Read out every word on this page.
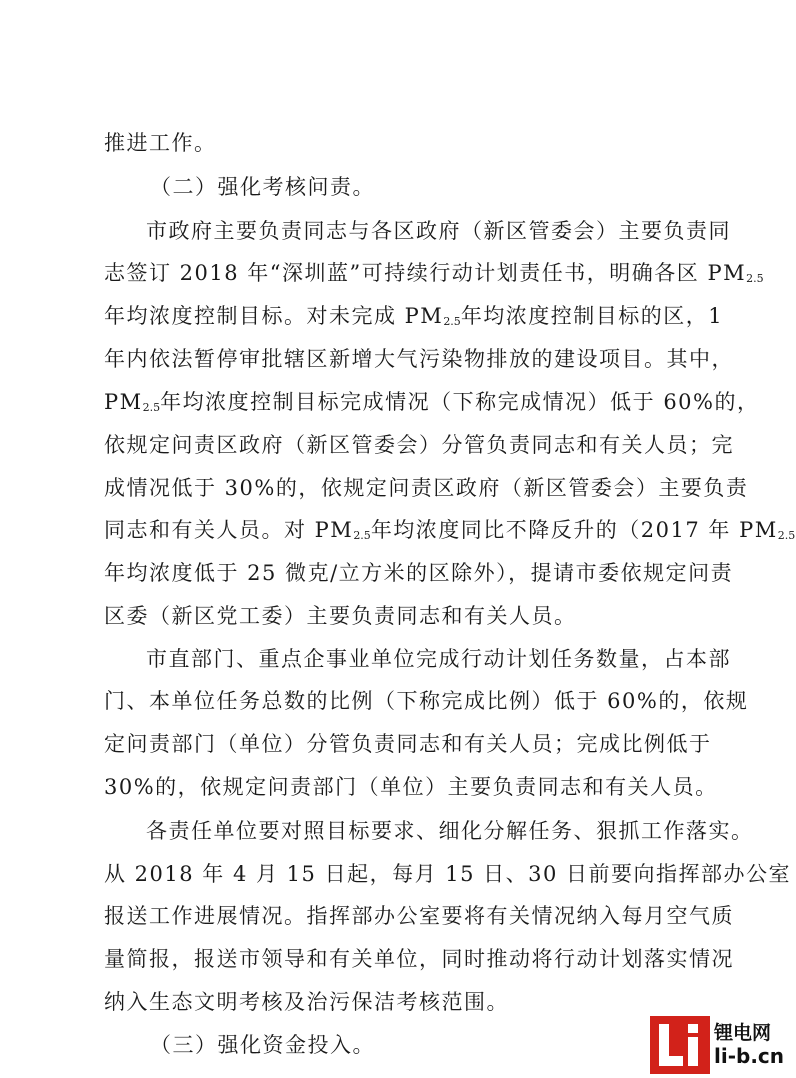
推进工作。
（二）强化考核问责。
市政府主要负责同志与各区政府（新区管委会）主要负责同
志签订 2018 年“深圳蓝”可持续行动计划责任书，明确各区 $PM_{2.5}$
年均浓度控制目标。对未完成 $PM_{2.5}$年均浓度控制目标的区，1
年内依法暂停审批辖区新增大气污染物排放的建设项目。其中，
$PM_{2.5}$年均浓度控制目标完成情况（下称完成情况）低于 60%的，
依规定问责区政府（新区管委会）分管负责同志和有关人员；完
成情况低于 30%的，依规定问责区政府（新区管委会）主要负责
同志和有关人员。对 $PM_{2.5}$年均浓度同比不降反升的（2017 年 $PM_{2.5}$
年均浓度低于 25 微克/立方米的区除外），提请市委依规定问责
区委（新区党工委）主要负责同志和有关人员。
市直部门、重点企事业单位完成行动计划任务数量，占本部
门、本单位任务总数的比例（下称完成比例）低于 60%的，依规
定问责部门（单位）分管负责同志和有关人员；完成比例低于
30%的，依规定问责部门（单位）主要负责同志和有关人员。
各责任单位要对照目标要求、细化分解任务、狠抓工作落实。
从 2018 年 4 月 15 日起，每月 15 日、30 日前要向指挥部办公室
报送工作进展情况。指挥部办公室要将有关情况纳入每月空气质
量简报，报送市领导和有关单位，同时推动将行动计划落实情况
纳入生态文明考核及治污保洁考核范围。
（三）强化资金投入。	锂电网
li-b.cn
